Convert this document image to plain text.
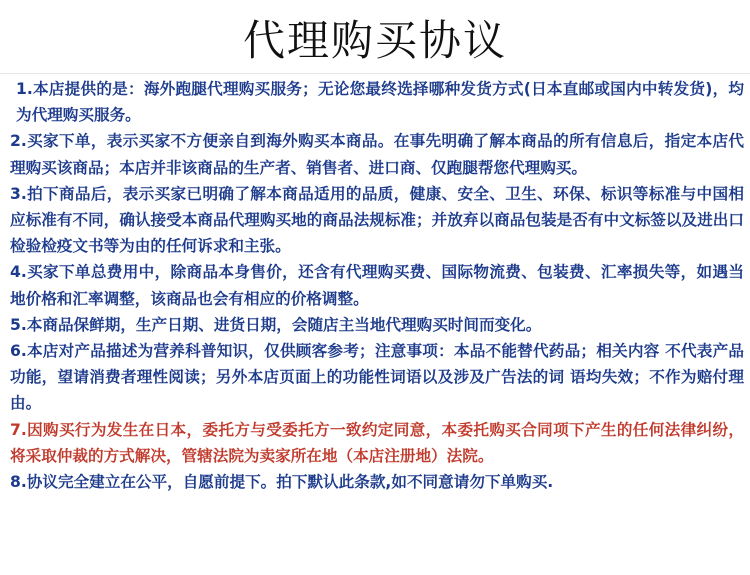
代理购买协议

1.本店提供的是：海外跑腿代理购买服务；无论您最终选择哪种发货方式(日本直邮或国内中转发货)，均为代理购买服务。

2.买家下单，表示买家不方便亲自到海外购买本商品。在事先明确了解本商品的所有信息后，指定本店代理购买该商品；本店并非该商品的生产者、销售者、进口商、仅跑腿帮您代理购买。

3.拍下商品后，表示买家已明确了解本商品适用的品质，健康、安全、卫生、环保、标识等标准与中国相应标准有不同，确认接受本商品代理购买地的商品法规标准；并放弃以商品包装是否有中文标签以及进出口检验检疫文书等为由的任何诉求和主张。

4.买家下单总费用中，除商品本身售价，还含有代理购买费、国际物流费、包装费、汇率损失等，如遇当地价格和汇率调整，该商品也会有相应的价格调整。

5.本商品保鲜期，生产日期、进货日期，会随店主当地代理购买时间而变化。

6.本店对产品描述为营养科普知识，仅供顾客参考；注意事项：本品不能替代药品；相关内容 不代表产品功能，望请消费者理性阅读；另外本店页面上的功能性词语以及涉及广告法的词 语均失效；不作为赔付理由。

7.因购买行为发生在日本，委托方与受委托方一致约定同意，本委托购买合同项下产生的任何法律纠纷，将采取仲裁的方式解决，管辖法院为卖家所在地（本店注册地）法院。

8.协议完全建立在公平，自愿前提下。拍下默认此条款,如不同意请勿下单购买.
